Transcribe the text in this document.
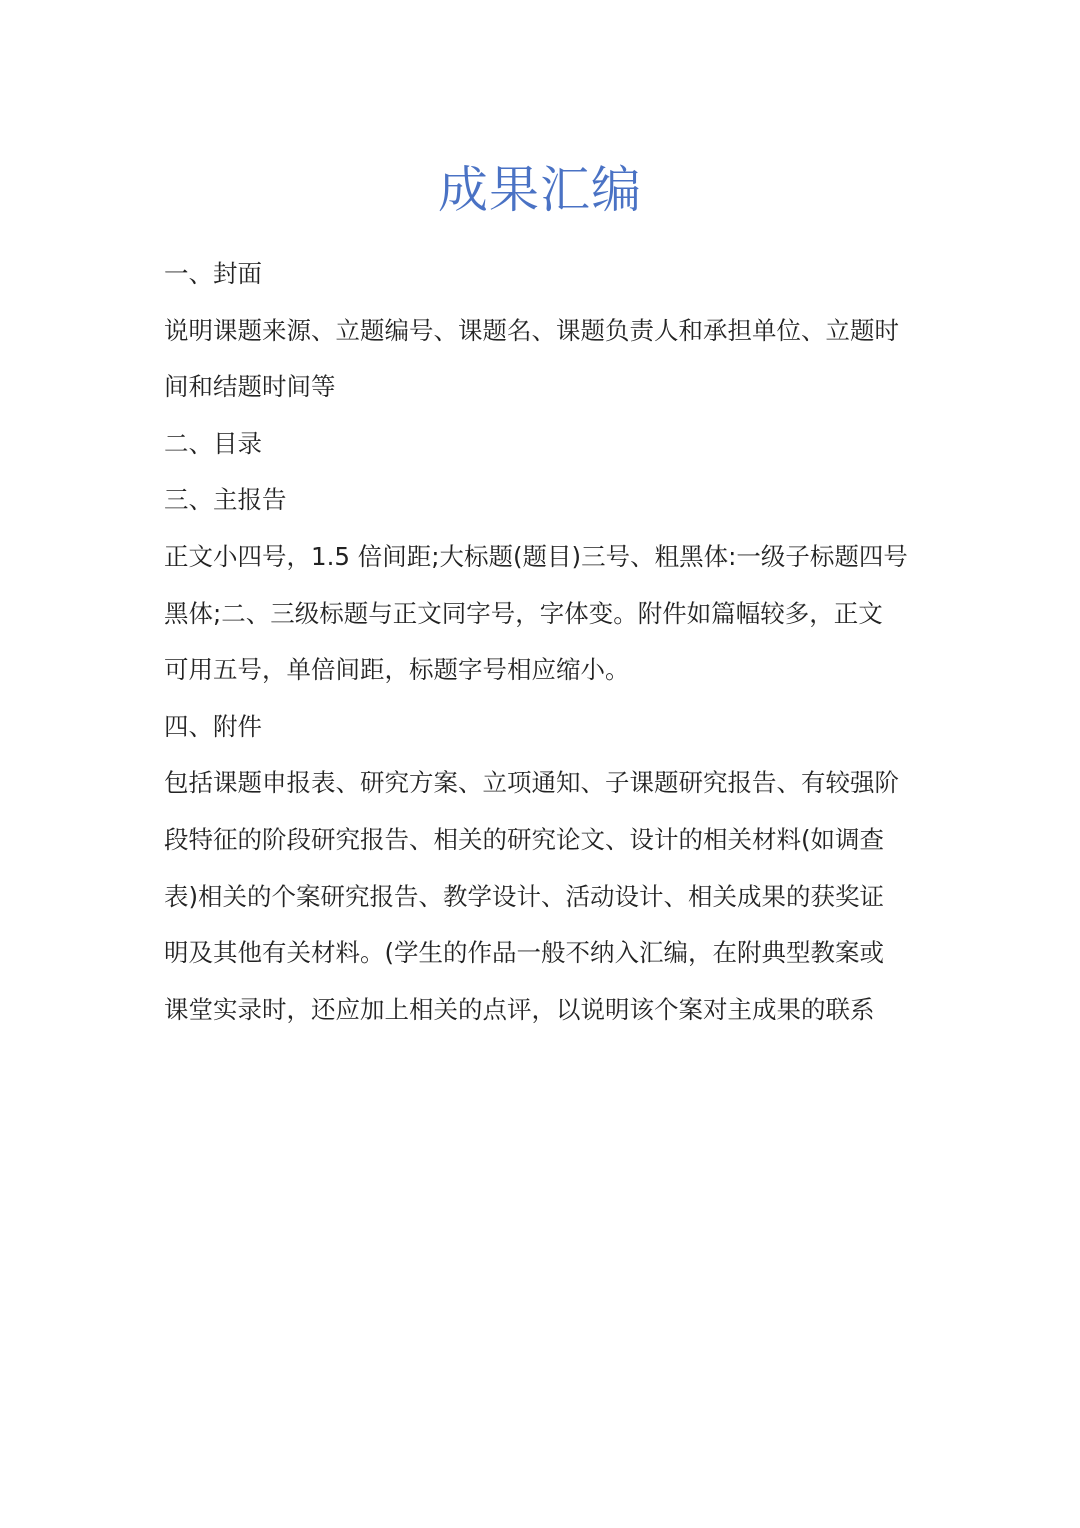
成果汇编

一、封面

说明课题来源、立题编号、课题名、课题负责人和承担单位、立题时

间和结题时间等

二、目录

三、主报告

正文小四号，1.5 倍间距;大标题(题目)三号、粗黑体:一级子标题四号

黑体;二、三级标题与正文同字号，字体变。附件如篇幅较多，正文

可用五号，单倍间距，标题字号相应缩小。

四、附件

包括课题申报表、研究方案、立项通知、子课题研究报告、有较强阶

段特征的阶段研究报告、相关的研究论文、设计的相关材料(如调查

表)相关的个案研究报告、教学设计、活动设计、相关成果的获奖证

明及其他有关材料。(学生的作品一般不纳入汇编，在附典型教案或

课堂实录时，还应加上相关的点评，以说明该个案对主成果的联系
